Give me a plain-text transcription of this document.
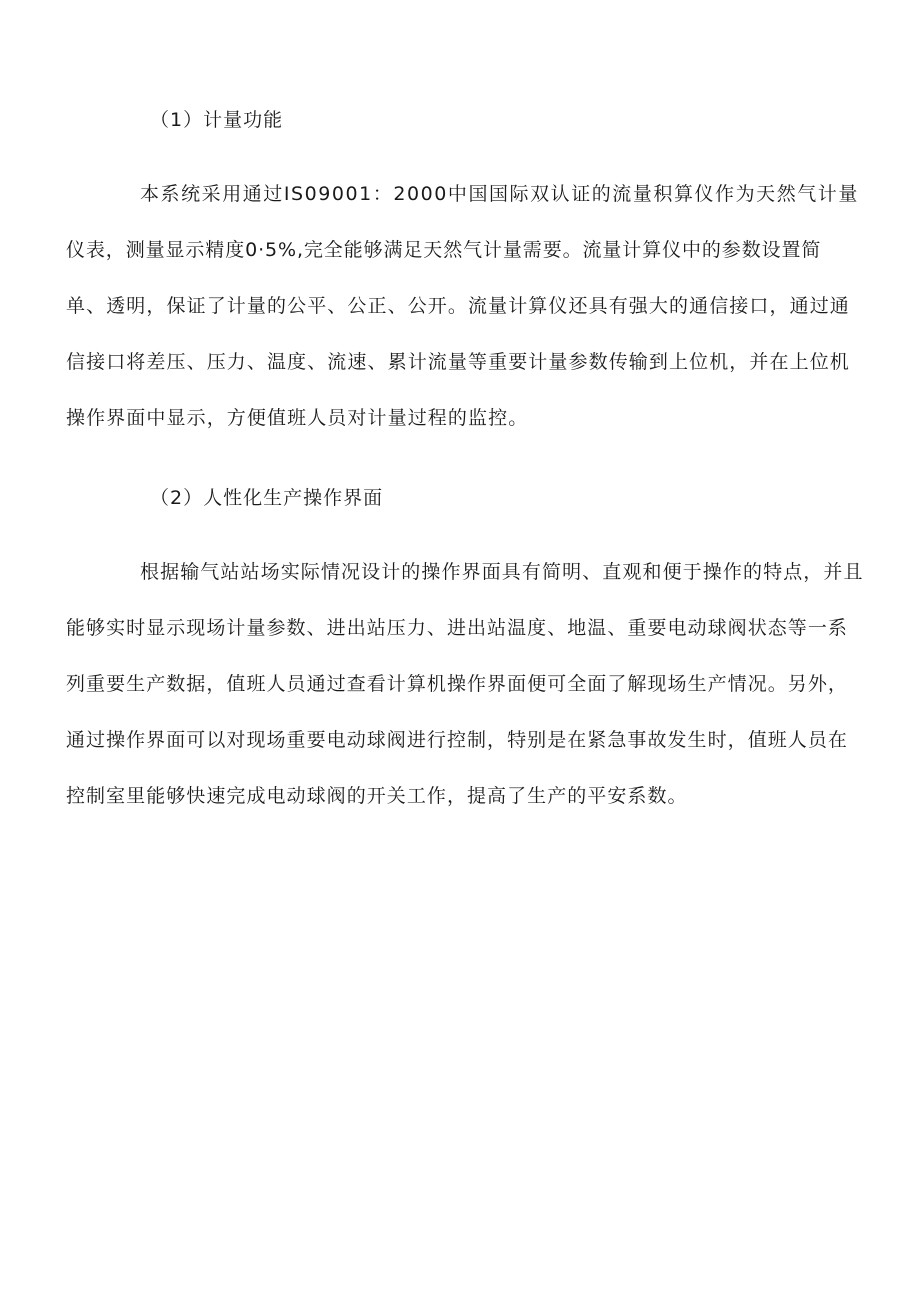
（1）计量功能
本系统采用通过IS09001：2000中国国际双认证的流量积算仪作为天然气计量
仪表，测量显示精度0·5%,完全能够满足天然气计量需要。流量计算仪中的参数设置简
单、透明，保证了计量的公平、公正、公开。流量计算仪还具有强大的通信接口，通过通
信接口将差压、压力、温度、流速、累计流量等重要计量参数传输到上位机，并在上位机
操作界面中显示，方便值班人员对计量过程的监控。
（2）人性化生产操作界面
根据输气站站场实际情况设计的操作界面具有简明、直观和便于操作的特点，并且
能够实时显示现场计量参数、进出站压力、进出站温度、地温、重要电动球阀状态等一系
列重要生产数据，值班人员通过查看计算机操作界面便可全面了解现场生产情况。另外，
通过操作界面可以对现场重要电动球阀进行控制，特别是在紧急事故发生时，值班人员在
控制室里能够快速完成电动球阀的开关工作，提高了生产的平安系数。
